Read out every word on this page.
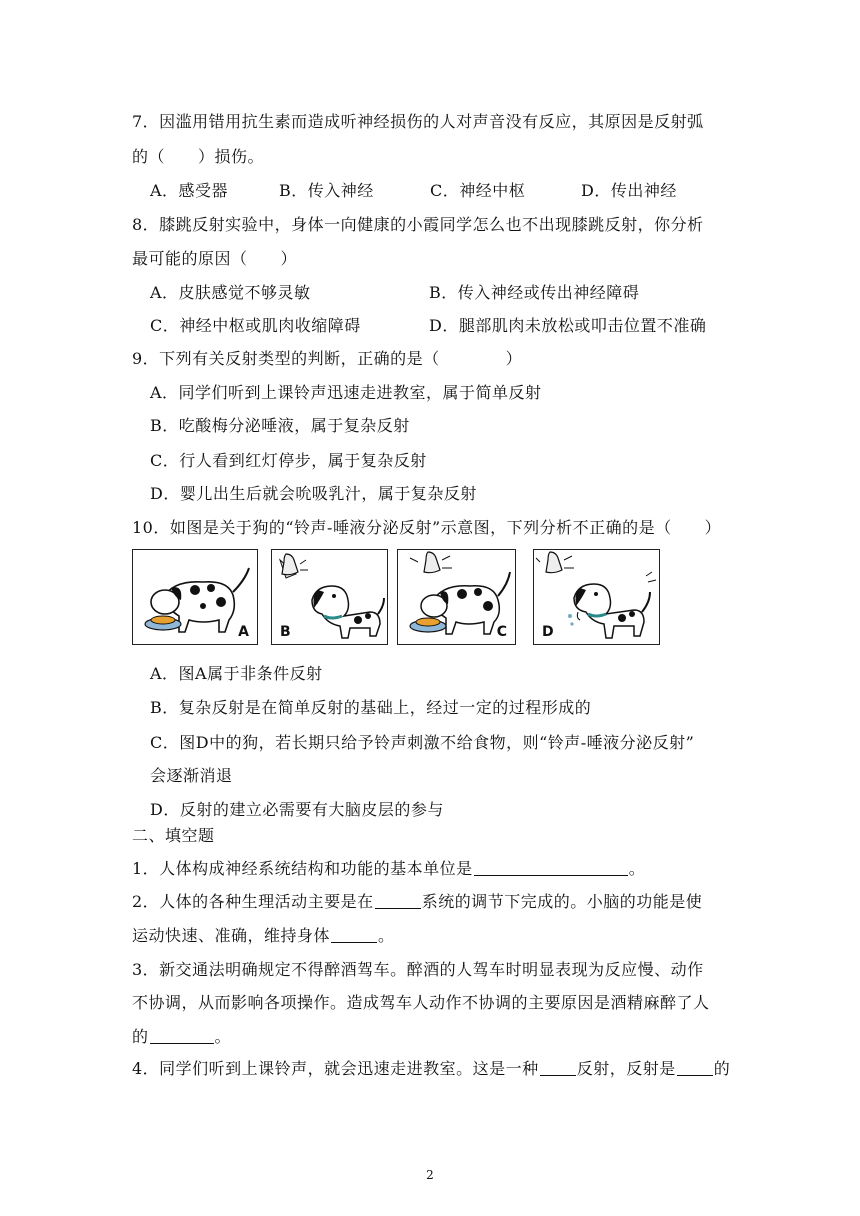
7．因滥用错用抗生素而造成听神经损伤的人对声音没有反应，其原因是反射弧
的（　　）损伤。
A．感受器	B．传入神经	C．神经中枢	D．传出神经
8．膝跳反射实验中，身体一向健康的小霞同学怎么也不出现膝跳反射，你分析
最可能的原因（　　）
A．皮肤感觉不够灵敏	B．传入神经或传出神经障碍
C．神经中枢或肌肉收缩障碍	D．腿部肌肉未放松或叩击位置不准确
9．下列有关反射类型的判断，正确的是（　　　　）
A．同学们听到上课铃声迅速走进教室，属于简单反射
B．吃酸梅分泌唾液，属于复杂反射
C．行人看到红灯停步，属于复杂反射
D．婴儿出生后就会吮吸乳汁，属于复杂反射
10．如图是关于狗的“铃声-唾液分泌反射”示意图，下列分析不正确的是（　　）
A B	C	D
A．图A属于非条件反射
B．复杂反射是在简单反射的基础上，经过一定的过程形成的
C．图D中的狗，若长期只给予铃声刺激不给食物，则“铃声-唾液分泌反射”
会逐渐消退
D．反射的建立必需要有大脑皮层的参与
二、填空题
1．人体构成神经系统结构和功能的基本单位是	。
2．人体的各种生理活动主要是在	系统的调节下完成的。小脑的功能是使
运动快速、准确，维持身体	。
3．新交通法明确规定不得醉酒驾车。醉酒的人驾车时明显表现为反应慢、动作
不协调，从而影响各项操作。造成驾车人动作不协调的主要原因是酒精麻醉了人
的	。
4．同学们听到上课铃声，就会迅速走进教室。这是一种 反射，反射是 的
2
